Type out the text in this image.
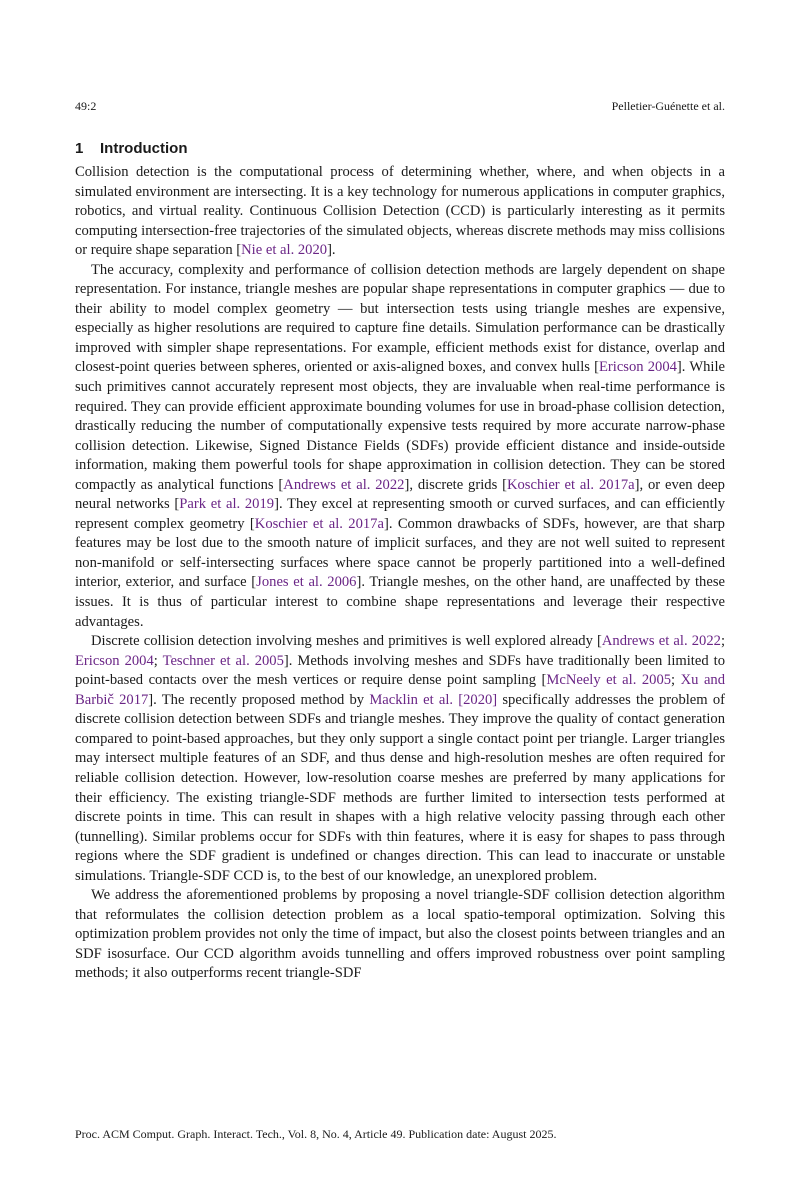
49:2	Pelletier-Guénette et al.
1 Introduction

Collision detection is the computational process of determining whether, where, and when objects in a simulated environment are intersecting. It is a key technology for numerous applications in computer graphics, robotics, and virtual reality. Continuous Collision Detection (CCD) is particularly interesting as it permits computing intersection-free trajectories of the simulated objects, whereas discrete methods may miss collisions or require shape separation [Nie et al. 2020].

The accuracy, complexity and performance of collision detection methods are largely dependent on shape representation. For instance, triangle meshes are popular shape representations in computer graphics — due to their ability to model complex geometry — but intersection tests using triangle meshes are expensive, especially as higher resolutions are required to capture fine details. Simulation performance can be drastically improved with simpler shape representations. For example, efficient methods exist for distance, overlap and closest-point queries between spheres, oriented or axis-aligned boxes, and convex hulls [Ericson 2004]. While such primitives cannot accurately represent most objects, they are invaluable when real-time performance is required. They can provide efficient approximate bounding volumes for use in broad-phase collision detection, drastically reducing the number of computationally expensive tests required by more accurate narrow-phase collision detection. Likewise, Signed Distance Fields (SDFs) provide efficient distance and inside-outside information, making them powerful tools for shape approximation in collision detection. They can be stored compactly as analytical functions [Andrews et al. 2022], discrete grids [Koschier et al. 2017a], or even deep neural networks [Park et al. 2019]. They excel at representing smooth or curved surfaces, and can efficiently represent complex geometry [Koschier et al. 2017a]. Common drawbacks of SDFs, however, are that sharp features may be lost due to the smooth nature of implicit surfaces, and they are not well suited to represent non-manifold or self-intersecting surfaces where space cannot be properly partitioned into a well-defined interior, exterior, and surface [Jones et al. 2006]. Triangle meshes, on the other hand, are unaffected by these issues. It is thus of particular interest to combine shape representations and leverage their respective advantages.

Discrete collision detection involving meshes and primitives is well explored already [Andrews et al. 2022; Ericson 2004; Teschner et al. 2005]. Methods involving meshes and SDFs have traditionally been limited to point-based contacts over the mesh vertices or require dense point sampling [McNeely et al. 2005; Xu and Barbič 2017]. The recently proposed method by Macklin et al. [2020] specifically addresses the problem of discrete collision detection between SDFs and triangle meshes. They improve the quality of contact generation compared to point-based approaches, but they only support a single contact point per triangle. Larger triangles may intersect multiple features of an SDF, and thus dense and high-resolution meshes are often required for reliable collision detection. However, low-resolution coarse meshes are preferred by many applications for their efficiency. The existing triangle-SDF methods are further limited to intersection tests performed at discrete points in time. This can result in shapes with a high relative velocity passing through each other (tunnelling). Similar problems occur for SDFs with thin features, where it is easy for shapes to pass through regions where the SDF gradient is undefined or changes direction. This can lead to inaccurate or unstable simulations. Triangle-SDF CCD is, to the best of our knowledge, an unexplored problem.

We address the aforementioned problems by proposing a novel triangle-SDF collision detection algorithm that reformulates the collision detection problem as a local spatio-temporal optimization. Solving this optimization problem provides not only the time of impact, but also the closest points between triangles and an SDF isosurface. Our CCD algorithm avoids tunnelling and offers improved robustness over point sampling methods; it also outperforms recent triangle-SDF

Proc. ACM Comput. Graph. Interact. Tech., Vol. 8, No. 4, Article 49. Publication date: August 2025.
